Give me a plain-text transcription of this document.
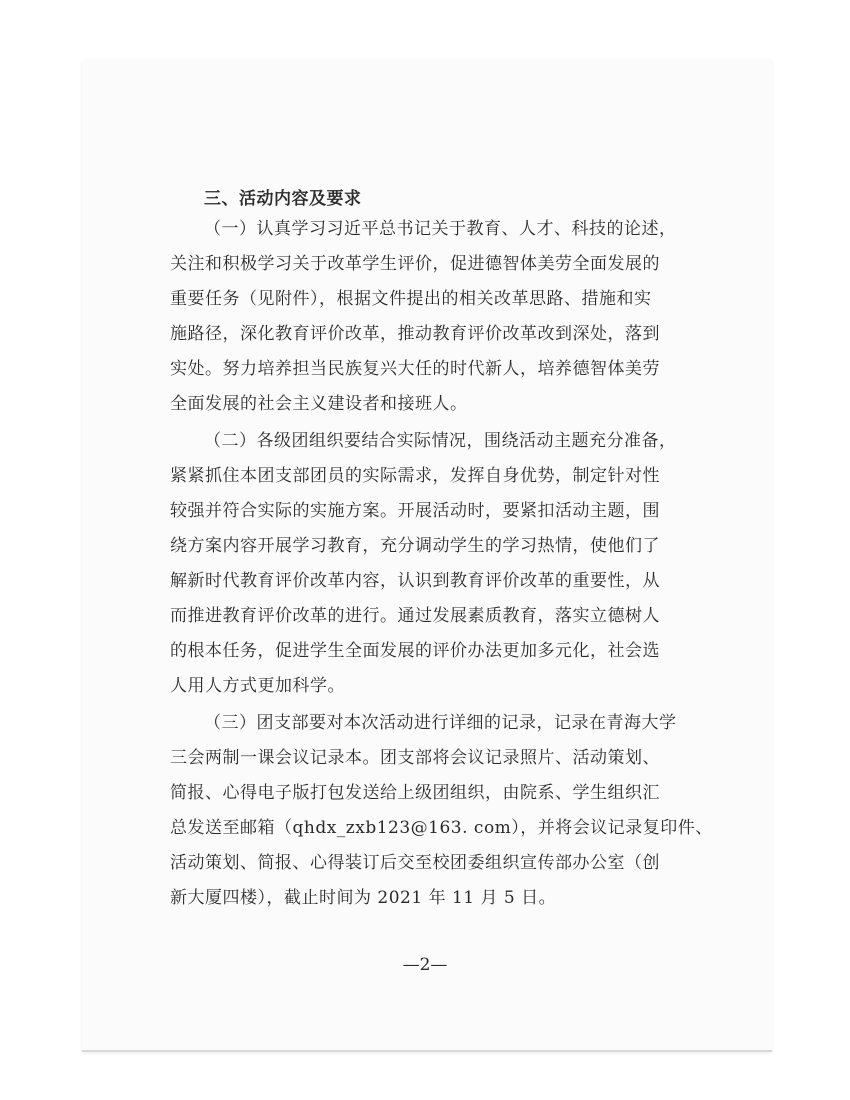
三、活动内容及要求
（一）认真学习习近平总书记关于教育、人才、科技的论述，
关注和积极学习关于改革学生评价，促进德智体美劳全面发展的
重要任务（见附件），根据文件提出的相关改革思路、措施和实
施路径，深化教育评价改革，推动教育评价改革改到深处，落到
实处。努力培养担当民族复兴大任的时代新人，培养德智体美劳
全面发展的社会主义建设者和接班人。
（二）各级团组织要结合实际情况，围绕活动主题充分准备，
紧紧抓住本团支部团员的实际需求，发挥自身优势，制定针对性
较强并符合实际的实施方案。开展活动时，要紧扣活动主题，围
绕方案内容开展学习教育，充分调动学生的学习热情，使他们了
解新时代教育评价改革内容，认识到教育评价改革的重要性，从
而推进教育评价改革的进行。通过发展素质教育，落实立德树人
的根本任务，促进学生全面发展的评价办法更加多元化，社会选
人用人方式更加科学。
（三）团支部要对本次活动进行详细的记录，记录在青海大学
三会两制一课会议记录本。团支部将会议记录照片、活动策划、
简报、心得电子版打包发送给上级团组织，由院系、学生组织汇
总发送至邮箱（qhdx_zxb123@163. com），并将会议记录复印件、
活动策划、简报、心得装订后交至校团委组织宣传部办公室（创
新大厦四楼），截止时间为 2021 年 11 月 5 日。
—2—
